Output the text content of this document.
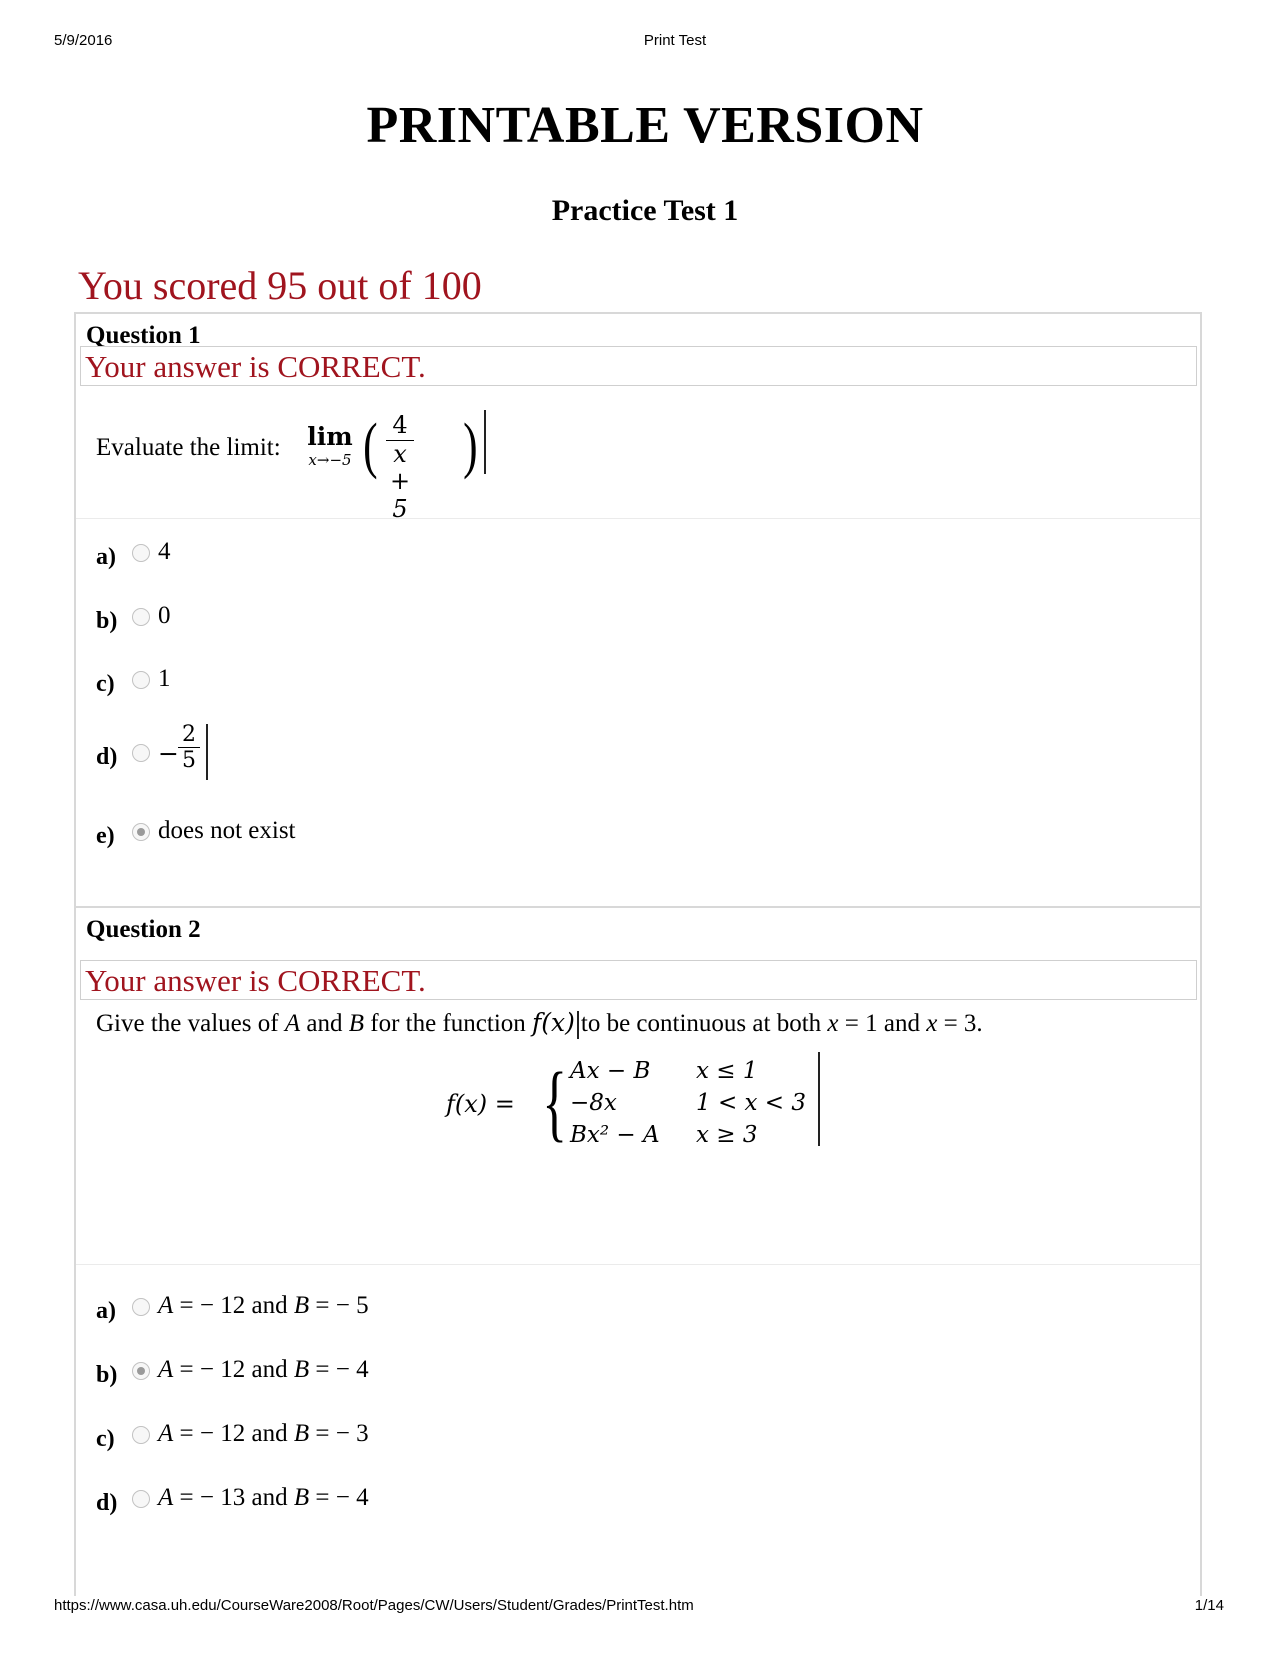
5/9/2016	Print Test
PRINTABLE VERSION
Practice Test 1
You scored 95 out of 100
Question 1
Your answer is CORRECT.
Evaluate the limit: lim
x→−5 ( $\frac{4}{x + 5}$ )
a) 4
b) 0
c) 1
$d) - \frac{2}{5}$
e) does not exist
Question 2
Your answer is CORRECT.
Give the values of A and B for the function f(x) to be continuous at both x = 1 and x = 3.
f(x) = { Ax − B x ≤ 1
−8x	1 < x < 3
Bx² − A x ≥ 3
a) A = − 12 and B = − 5
b) A = − 12 and B = − 4
c) A = − 12 and B = − 3
d) A = − 13 and B = − 4
https://www.casa.uh.edu/CourseWare2008/Root/Pages/CW/Users/Student/Grades/PrintTest.htm	1/14
